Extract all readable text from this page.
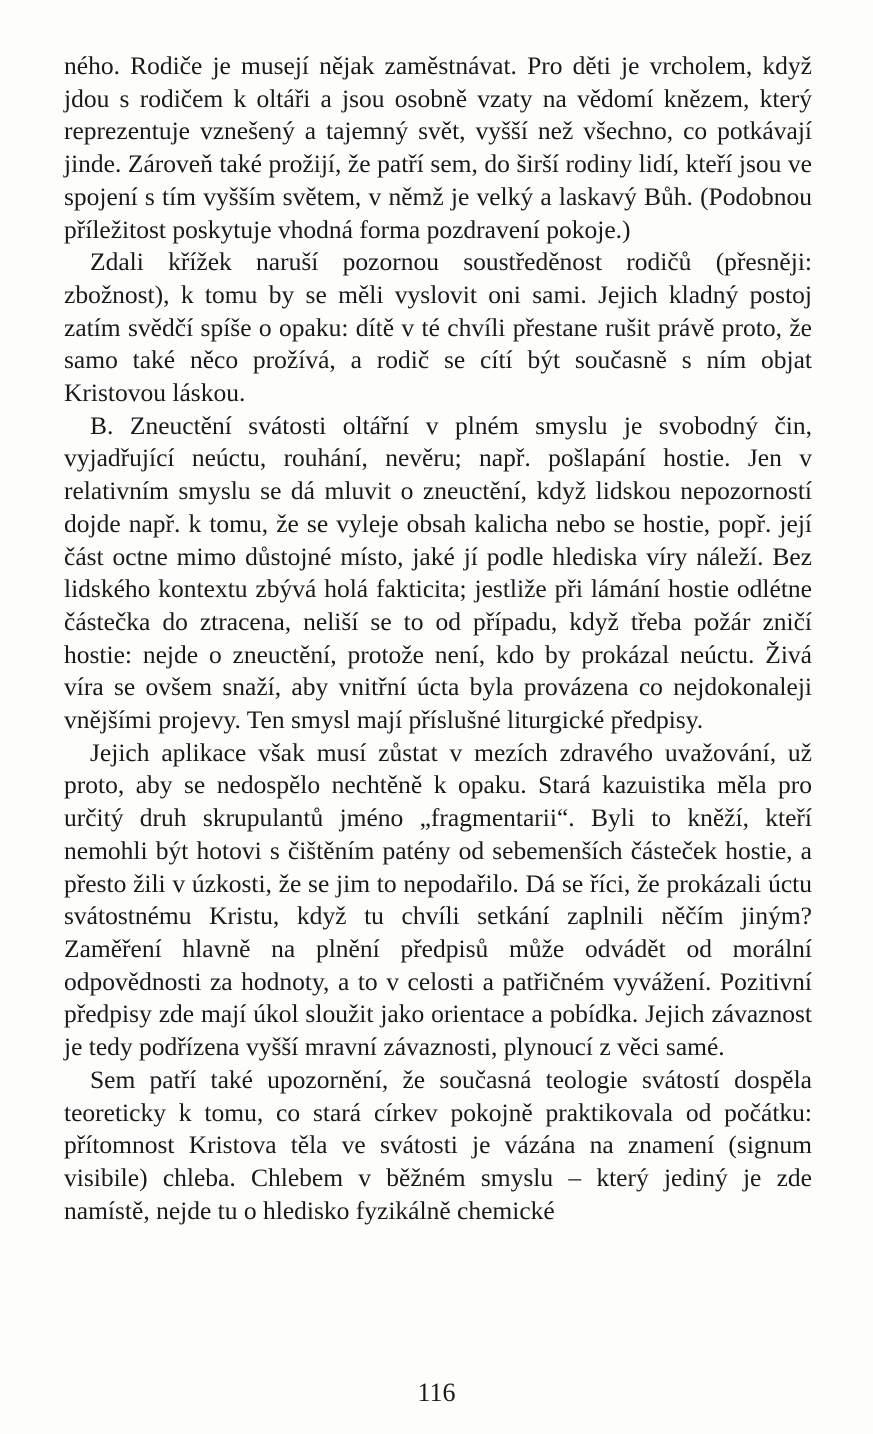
ného. Rodiče je musejí nějak zaměstnávat. Pro děti je vrcholem, když jdou s rodičem k oltáři a jsou osobně vzaty na vědomí knězem, který reprezentuje vznešený a tajemný svět, vyšší než všechno, co potkávají jinde. Zároveň také prožijí, že patří sem, do širší rodiny lidí, kteří jsou ve spojení s tím vyšším světem, v němž je velký a laskavý Bůh. (Podobnou příležitost poskytuje vhodná forma pozdravení pokoje.)

Zdali křížek naruší pozornou soustředěnost rodičů (přesněji: zbožnost), k tomu by se měli vyslovit oni sami. Jejich kladný postoj zatím svědčí spíše o opaku: dítě v té chvíli přestane rušit právě proto, že samo také něco prožívá, a rodič se cítí být současně s ním objat Kristovou láskou.

B. Zneuctění svátosti oltářní v plném smyslu je svobodný čin, vyjadřující neúctu, rouhání, nevěru; např. pošlapání hostie. Jen v relativním smyslu se dá mluvit o zneuctění, když lidskou nepozorností dojde např. k tomu, že se vyleje obsah kalicha nebo se hostie, popř. její část octne mimo důstojné místo, jaké jí podle hlediska víry náleží. Bez lidského kontextu zbývá holá fakticita; jestliže při lámání hostie odlétne částečka do ztracena, neliší se to od případu, když třeba požár zničí hostie: nejde o zneuctění, protože není, kdo by prokázal neúctu. Živá víra se ovšem snaží, aby vnitřní úcta byla provázena co nejdokonaleji vnějšími projevy. Ten smysl mají příslušné liturgické předpisy.

Jejich aplikace však musí zůstat v mezích zdravého uvažování, už proto, aby se nedospělo nechtěně k opaku. Stará kazuistika měla pro určitý druh skrupulantů jméno „fragmentarii“. Byli to kněží, kteří nemohli být hotovi s čištěním patény od sebemenších částeček hostie, a přesto žili v úzkosti, že se jim to nepodařilo. Dá se říci, že prokázali úctu svátostnému Kristu, když tu chvíli setkání zaplnili něčím jiným? Zaměření hlavně na plnění předpisů může odvádět od morální odpovědnosti za hodnoty, a to v celosti a patřičném vyvážení. Pozitivní předpisy zde mají úkol sloužit jako orientace a pobídka. Jejich závaznost je tedy podřízena vyšší mravní závaznosti, plynoucí z věci samé.

Sem patří také upozornění, že současná teologie svátostí dospěla teoreticky k tomu, co stará církev pokojně praktikovala od počátku: přítomnost Kristova těla ve svátosti je vázána na znamení (signum visibile) chleba. Chlebem v běžném smyslu – který jediný je zde namístě, nejde tu o hledisko fyzikálně chemické

116
